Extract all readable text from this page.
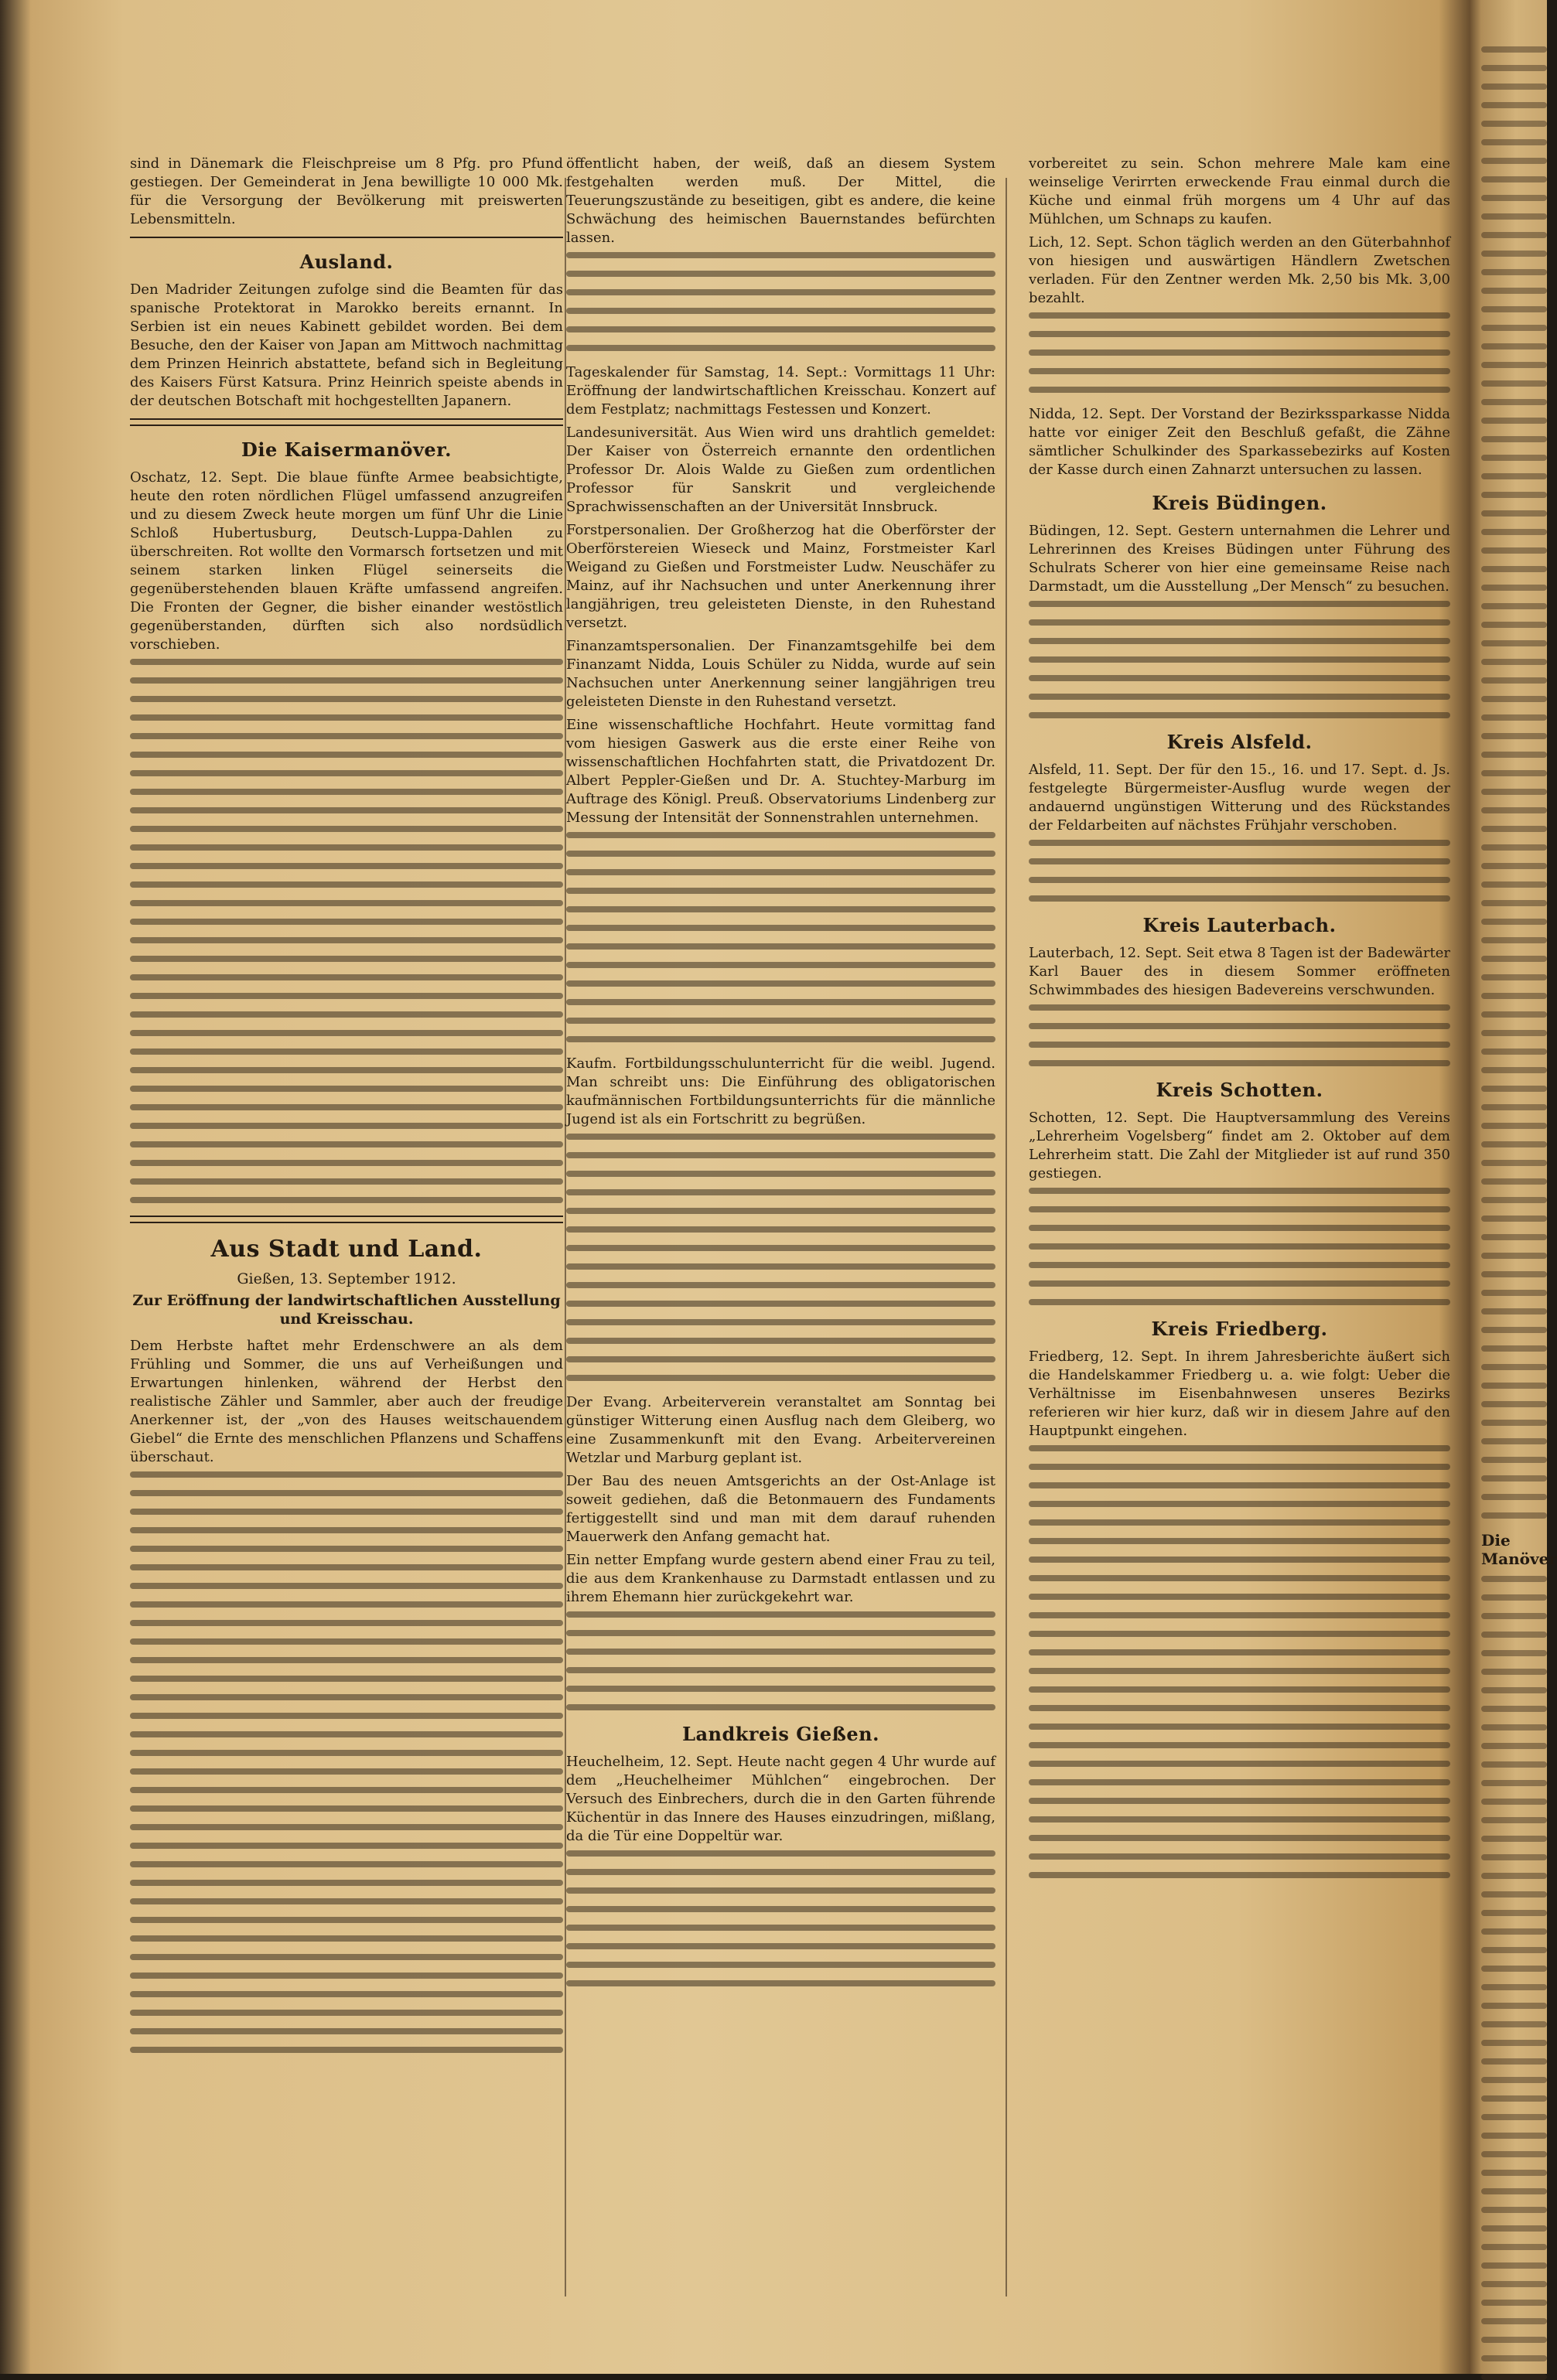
sind in Dänemark die Fleischpreise um 8 Pfg. pro Pfund gestiegen. Der Gemeinderat in Jena bewilligte 10 000 Mk. für die Versorgung der Bevölkerung mit preiswerten Lebensmitteln.
Ausland.
Den Madrider Zeitungen zufolge sind die Beamten für das spanische Protektorat in Marokko bereits ernannt. In Serbien ist ein neues Kabinett gebildet worden. Bei dem Besuche, den der Kaiser von Japan am Mittwoch nachmittag dem Prinzen Heinrich abstattete, befand sich in Begleitung des Kaisers Fürst Katsura. Prinz Heinrich speiste abends in der deutschen Botschaft mit hochgestellten Japanern.
Die Kaisermanöver.
Oschatz, 12. Sept. Die blaue fünfte Armee beabsichtigte, heute den roten nördlichen Flügel umfassend anzugreifen und zu diesem Zweck heute morgen um fünf Uhr die Linie Schloß Hubertusburg, Deutsch-Luppa-Dahlen zu überschreiten. Rot wollte den Vormarsch fortsetzen und mit seinem starken linken Flügel seinerseits die gegenüberstehenden blauen Kräfte umfassend angreifen. Die Fronten der Gegner, die bisher einander westöstlich gegenüberstanden, dürften sich also nordsüdlich vorschieben.
Aus Stadt und Land.
Gießen, 13. September 1912.
Zur Eröffnung der landwirtschaftlichen Ausstellung und Kreisschau.
Dem Herbste haftet mehr Erdenschwere an als dem Frühling und Sommer, die uns auf Verheißungen und Erwartungen hinlenken, während der Herbst den realistische Zähler und Sammler, aber auch der freudige Anerkenner ist, der „von des Hauses weitschauendem Giebel“ die Ernte des menschlichen Pflanzens und Schaffens überschaut.
öffentlicht haben, der weiß, daß an diesem System festgehalten werden muß. Der Mittel, die Teuerungszustände zu beseitigen, gibt es andere, die keine Schwächung des heimischen Bauernstandes befürchten lassen.
Tageskalender für Samstag, 14. Sept.: Vormittags 11 Uhr: Eröffnung der landwirtschaftlichen Kreisschau. Konzert auf dem Festplatz; nachmittags Festessen und Konzert.
Landesuniversität. Aus Wien wird uns drahtlich gemeldet: Der Kaiser von Österreich ernannte den ordentlichen Professor Dr. Alois Walde zu Gießen zum ordentlichen Professor für Sanskrit und vergleichende Sprachwissenschaften an der Universität Innsbruck.
Forstpersonalien. Der Großherzog hat die Oberförster der Oberförstereien Wieseck und Mainz, Forstmeister Karl Weigand zu Gießen und Forstmeister Ludw. Neuschäfer zu Mainz, auf ihr Nachsuchen und unter Anerkennung ihrer langjährigen, treu geleisteten Dienste, in den Ruhestand versetzt.
Finanzamtspersonalien. Der Finanzamtsgehilfe bei dem Finanzamt Nidda, Louis Schüler zu Nidda, wurde auf sein Nachsuchen unter Anerkennung seiner langjährigen treu geleisteten Dienste in den Ruhestand versetzt.
Eine wissenschaftliche Hochfahrt. Heute vormittag fand vom hiesigen Gaswerk aus die erste einer Reihe von wissenschaftlichen Hochfahrten statt, die Privatdozent Dr. Albert Peppler-Gießen und Dr. A. Stuchtey-Marburg im Auftrage des Königl. Preuß. Observatoriums Lindenberg zur Messung der Intensität der Sonnenstrahlen unternehmen.
Kaufm. Fortbildungsschulunterricht für die weibl. Jugend. Man schreibt uns: Die Einführung des obligatorischen kaufmännischen Fortbildungsunterrichts für die männliche Jugend ist als ein Fortschritt zu begrüßen.
Der Evang. Arbeiterverein veranstaltet am Sonntag bei günstiger Witterung einen Ausflug nach dem Gleiberg, wo eine Zusammenkunft mit den Evang. Arbeitervereinen Wetzlar und Marburg geplant ist.
Der Bau des neuen Amtsgerichts an der Ost-Anlage ist soweit gediehen, daß die Betonmauern des Fundaments fertiggestellt sind und man mit dem darauf ruhenden Mauerwerk den Anfang gemacht hat.
Ein netter Empfang wurde gestern abend einer Frau zu teil, die aus dem Krankenhause zu Darmstadt entlassen und zu ihrem Ehemann hier zurückgekehrt war.
Landkreis Gießen.
Heuchelheim, 12. Sept. Heute nacht gegen 4 Uhr wurde auf dem „Heuchelheimer Mühlchen“ eingebrochen. Der Versuch des Einbrechers, durch die in den Garten führende Küchentür in das Innere des Hauses einzudringen, mißlang, da die Tür eine Doppeltür war.
vorbereitet zu sein. Schon mehrere Male kam eine weinselige Verirrten erweckende Frau einmal durch die Küche und einmal früh morgens um 4 Uhr auf das Mühlchen, um Schnaps zu kaufen.
Lich, 12. Sept. Schon täglich werden an den Güterbahnhof von hiesigen und auswärtigen Händlern Zwetschen verladen. Für den Zentner werden Mk. 2,50 bis Mk. 3,00 bezahlt.
Nidda, 12. Sept. Der Vorstand der Bezirkssparkasse Nidda hatte vor einiger Zeit den Beschluß gefaßt, die Zähne sämtlicher Schulkinder des Sparkassebezirks auf Kosten der Kasse durch einen Zahnarzt untersuchen zu lassen.
Kreis Büdingen.
Büdingen, 12. Sept. Gestern unternahmen die Lehrer und Lehrerinnen des Kreises Büdingen unter Führung des Schulrats Scherer von hier eine gemeinsame Reise nach Darmstadt, um die Ausstellung „Der Mensch“ zu besuchen.
Kreis Alsfeld.
Alsfeld, 11. Sept. Der für den 15., 16. und 17. Sept. d. Js. festgelegte Bürgermeister-Ausflug wurde wegen der andauernd ungünstigen Witterung und des Rückstandes der Feldarbeiten auf nächstes Frühjahr verschoben.
Kreis Lauterbach.
Lauterbach, 12. Sept. Seit etwa 8 Tagen ist der Badewärter Karl Bauer des in diesem Sommer eröffneten Schwimmbades des hiesigen Badevereins verschwunden.
Kreis Schotten.
Schotten, 12. Sept. Die Hauptversammlung des Vereins „Lehrerheim Vogelsberg“ findet am 2. Oktober auf dem Lehrerheim statt. Die Zahl der Mitglieder ist auf rund 350 gestiegen.
Kreis Friedberg.
Friedberg, 12. Sept. In ihrem Jahresberichte äußert sich die Handelskammer Friedberg u. a. wie folgt: Ueber die Verhältnisse im Eisenbahnwesen unseres Bezirks referieren wir hier kurz, daß wir in diesem Jahre auf den Hauptpunkt eingehen.
Die Manöver
